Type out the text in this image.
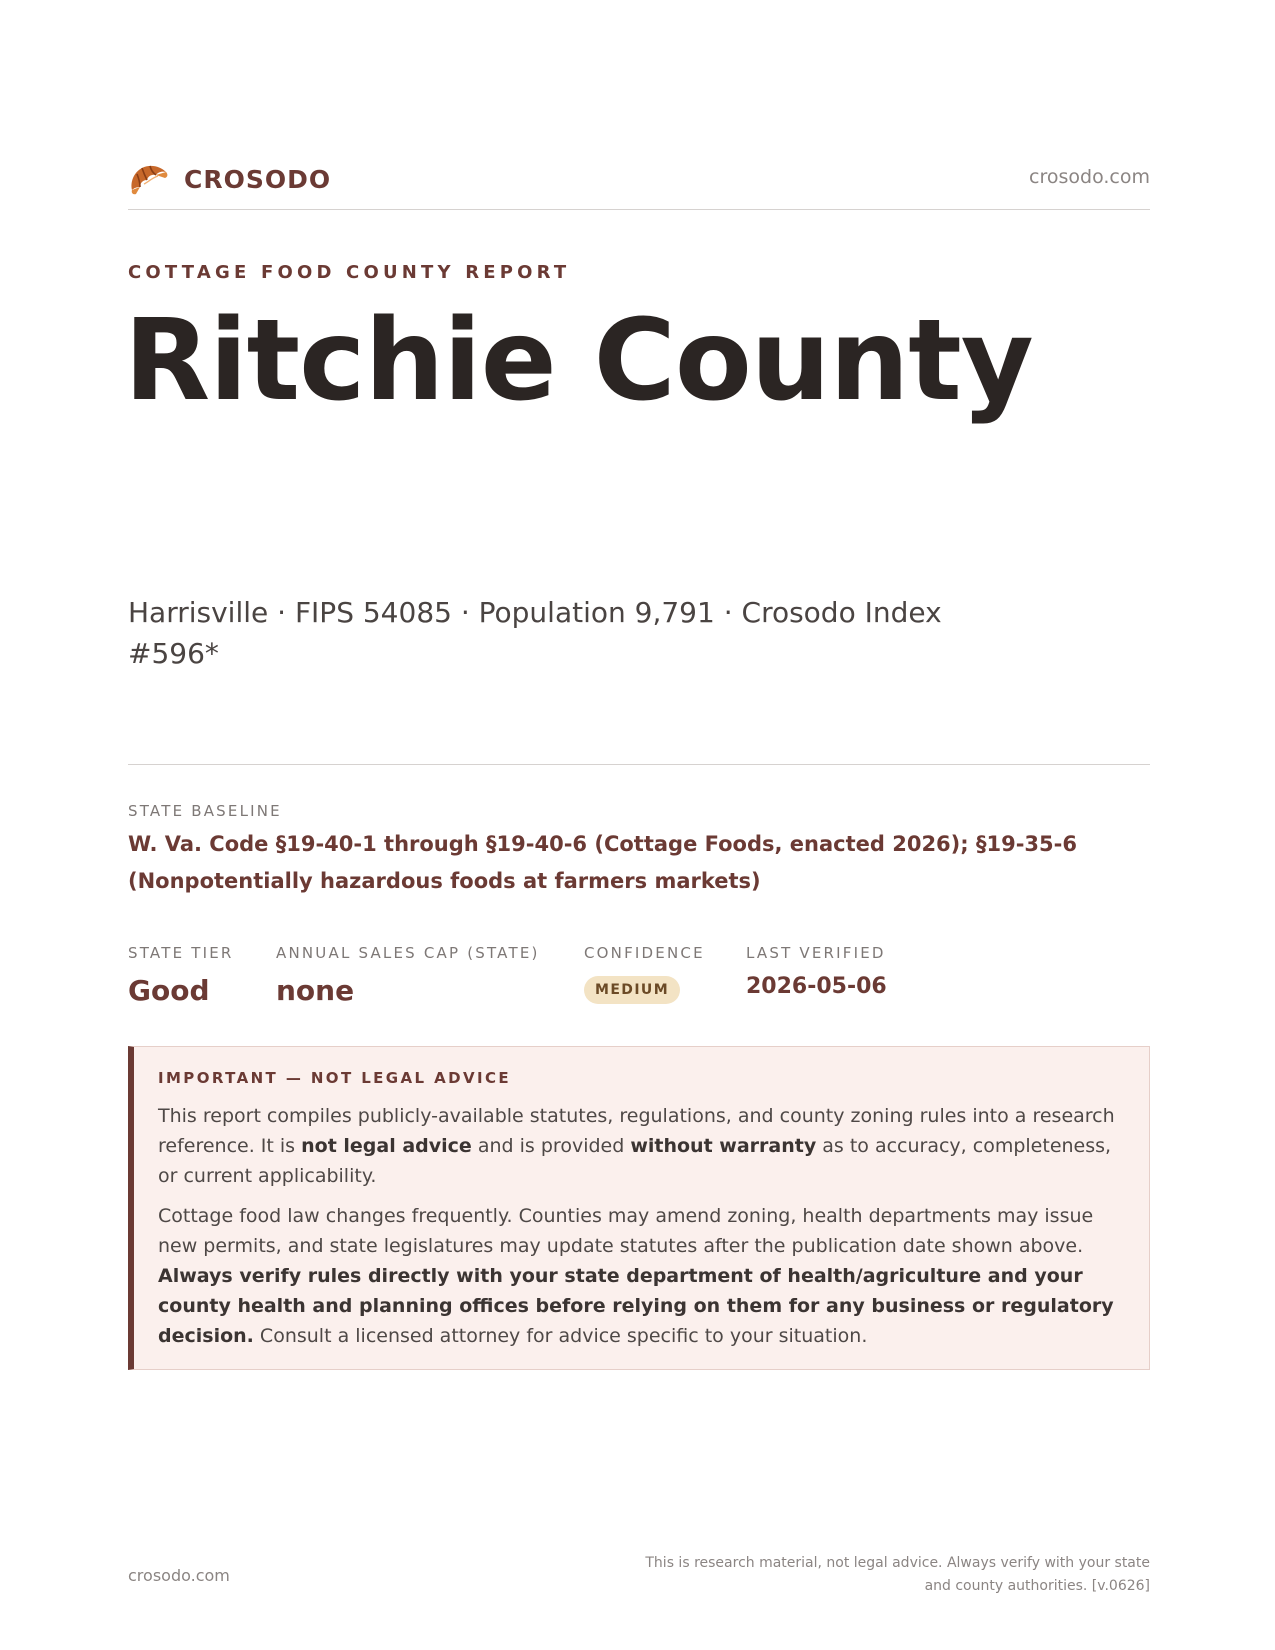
CROSODO	crosodo.com
COTTAGE FOOD COUNTY REPORT
Ritchie County
Harrisville · FIPS 54085 · Population 9,791 · Crosodo Index #596*
STATE BASELINE
W. Va. Code §19-40-1 through §19-40-6 (Cottage Foods, enacted 2026); §19-35-6 (Nonpotentially hazardous foods at farmers markets)
STATE TIER
Good
ANNUAL SALES CAP (STATE)
none
CONFIDENCE
MEDIUM
LAST VERIFIED
2026-05-06
IMPORTANT — NOT LEGAL ADVICE

This report compiles publicly-available statutes, regulations, and county zoning rules into a research reference. It is not legal advice and is provided without warranty as to accuracy, completeness, or current applicability.

Cottage food law changes frequently. Counties may amend zoning, health departments may issue new permits, and state legislatures may update statutes after the publication date shown above. Always verify rules directly with your state department of health/agriculture and your county health and planning offices before relying on them for any business or regulatory decision. Consult a licensed attorney for advice specific to your situation.

crosodo.com
This is research material, not legal advice. Always verify with your state
and county authorities. [v.0626]
